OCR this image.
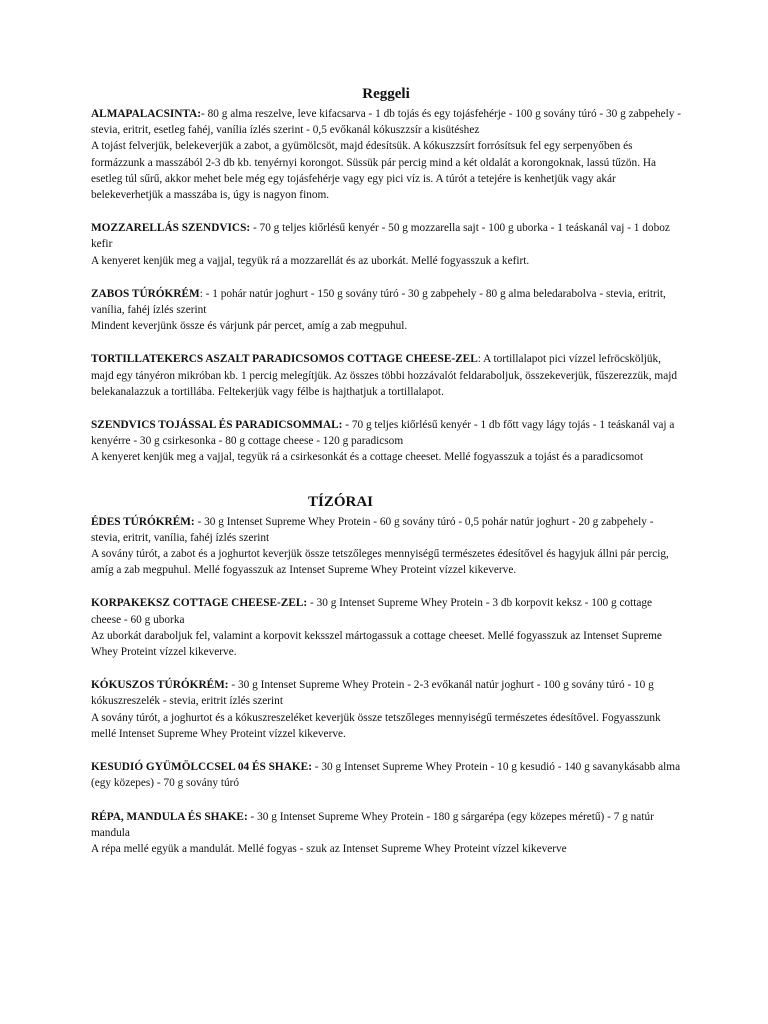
Reggeli

ALMAPALACSINTA:- 80 g alma reszelve, leve kifacsarva - 1 db tojás és egy tojásfehérje - 100 g sovány túró - 30 g zabpehely - stevia, eritrit, esetleg fahéj, vanília ízlés szerint - 0,5 evőkanál kókuszzsír a kisütéshez

A tojást felverjük, belekeverjük a zabot, a gyümölcsöt, majd édesítsük. A kókuszzsírt forrósítsuk fel egy serpenyőben és formázzunk a masszából 2-3 db kb. tenyérnyi korongot. Süssük pár percig mind a két oldalát a korongoknak, lassú tűzön. Ha esetleg túl sűrű, akkor mehet bele még egy tojásfehérje vagy egy pici víz is. A túrót a tetejére is kenhetjük vagy akár belekeverhetjük a masszába is, úgy is nagyon finom.

MOZZARELLÁS SZENDVICS: - 70 g teljes kiőrlésű kenyér - 50 g mozzarella sajt - 100 g uborka - 1 teáskanál vaj - 1 doboz kefir

A kenyeret kenjük meg a vajjal, tegyük rá a mozzarellát és az uborkát. Mellé fogyasszuk a kefirt.

ZABOS TÚRÓKRÉM: - 1 pohár natúr joghurt - 150 g sovány túró - 30 g zabpehely - 80 g alma beledarabolva - stevia, eritrit, vanília, fahéj ízlés szerint

Mindent keverjünk össze és várjunk pár percet, amíg a zab megpuhul.

TORTILLATEKERCS ASZALT PARADICSOMOS COTTAGE CHEESE-ZEL: A tortillalapot pici vízzel lefröcsköljük, majd egy tányéron mikróban kb. 1 percig melegítjük. Az összes többi hozzávalót feldaraboljuk, összekeverjük, fűszerezzük, majd belekanalazzuk a tortillába. Feltekerjük vagy félbe is hajthatjuk a tortillalapot.

SZENDVICS TOJÁSSAL ÉS PARADICSOMMAL: - 70 g teljes kiőrlésű kenyér - 1 db főtt vagy lágy tojás - 1 teáskanál vaj a kenyérre - 30 g csirkesonka - 80 g cottage cheese - 120 g paradicsom

A kenyeret kenjük meg a vajjal, tegyük rá a csirkesonkát és a cottage cheeset. Mellé fogyasszuk a tojást és a paradicsomot

TÍZÓRAI

ÉDES TÚRÓKRÉM: - 30 g Intenset Supreme Whey Protein - 60 g sovány túró - 0,5 pohár natúr joghurt - 20 g zabpehely - stevia, eritrit, vanília, fahéj ízlés szerint

A sovány túrót, a zabot és a joghurtot keverjük össze tetszőleges mennyiségű természetes édesítővel és hagyjuk állni pár percig, amíg a zab megpuhul. Mellé fogyasszuk az Intenset Supreme Whey Proteint vízzel kikeverve.

KORPAKEKSZ COTTAGE CHEESE-ZEL: - 30 g Intenset Supreme Whey Protein - 3 db korpovit keksz - 100 g cottage cheese - 60 g uborka

Az uborkát daraboljuk fel, valamint a korpovit keksszel mártogassuk a cottage cheeset. Mellé fogyasszuk az Intenset Supreme Whey Proteint vízzel kikeverve.

KÓKUSZOS TÚRÓKRÉM: - 30 g Intenset Supreme Whey Protein - 2-3 evőkanál natúr joghurt - 100 g sovány túró - 10 g kókuszreszelék - stevia, eritrit ízlés szerint

A sovány túrót, a joghurtot és a kókuszreszeléket keverjük össze tetszőleges mennyiségű természetes édesítővel. Fogyasszunk mellé Intenset Supreme Whey Proteint vízzel kikeverve.

KESUDIÓ GYÜMÖLCCSEL 04 ÉS SHAKE: - 30 g Intenset Supreme Whey Protein - 10 g kesudió - 140 g savanykásabb alma (egy közepes) - 70 g sovány túró

RÉPA, MANDULA ÉS SHAKE: - 30 g Intenset Supreme Whey Protein - 180 g sárgarépa (egy közepes méretű) - 7 g natúr mandula

A répa mellé együk a mandulát. Mellé fogyas - szuk az Intenset Supreme Whey Proteint vízzel kikeverve
